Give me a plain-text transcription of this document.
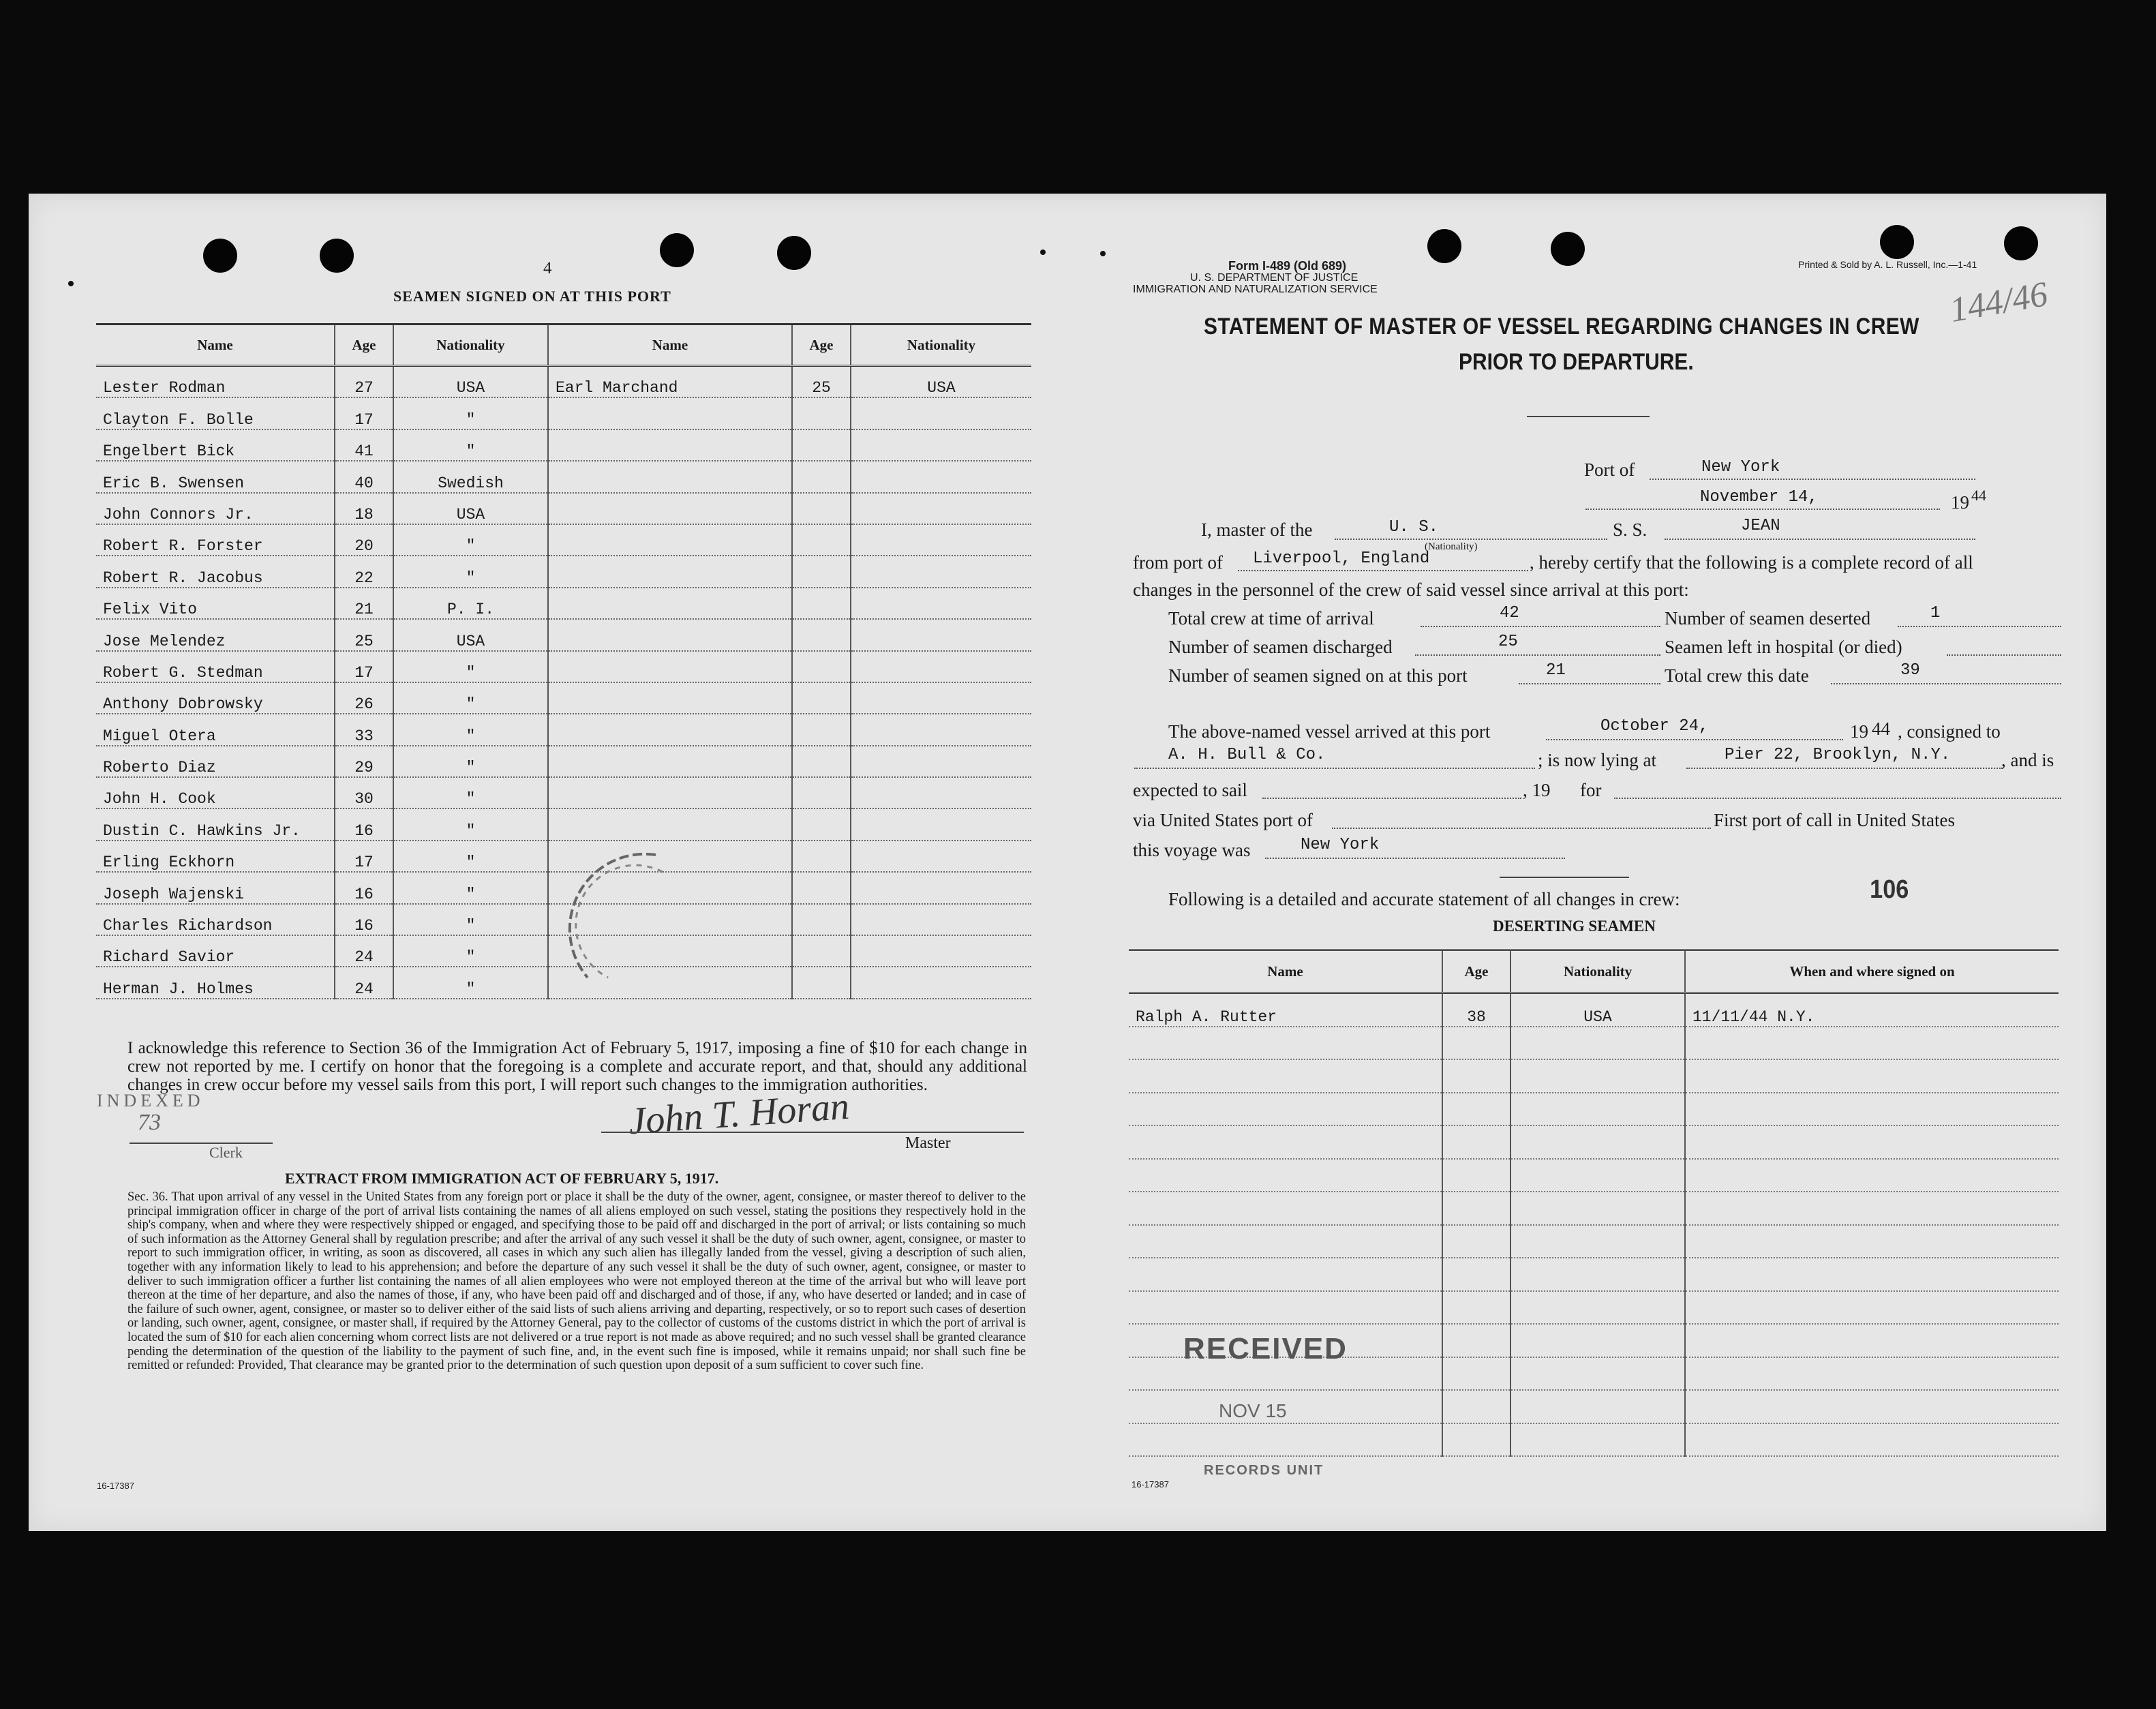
4
SEAMEN SIGNED ON AT THIS PORT
Name	Age	Nationality	Name	Age	Nationality
Lester Rodman	27	USA	Earl Marchand	25	USA
Clayton F. Bolle	17	"			
Engelbert Bick	41	"			
Eric B. Swensen	40	Swedish			
John Connors Jr.	18	USA			
Robert R. Forster	20	"			
Robert R. Jacobus	22	"			
Felix Vito	21	P. I.			
Jose Melendez	25	USA			
Robert G. Stedman	17	"			
Anthony Dobrowsky	26	"			
Miguel Otera	33	"			
Roberto Diaz	29	"			
John H. Cook	30	"			
Dustin C. Hawkins Jr.	16	"			
Erling Eckhorn	17	"			
Joseph Wajenski	16	"			
Charles Richardson	16	"			
Richard Savior	24	"			
Herman J. Holmes	24	"			
I acknowledge this reference to Section 36 of the Immigration Act of February 5, 1917, imposing a fine of $10 for each change in crew not reported by me. I certify on honor that the foregoing is a complete and accurate report, and that, should any additional changes in crew occur before my vessel sails from this port, I will report such changes to the immigration authorities.
INDEXED
73
Clerk
John T. Horan
Master
EXTRACT FROM IMMIGRATION ACT OF FEBRUARY 5, 1917.
Sec. 36. That upon arrival of any vessel in the United States from any foreign port or place it shall be the duty of the owner, agent, consignee, or master thereof to deliver to the principal immigration officer in charge of the port of arrival lists containing the names of all aliens employed on such vessel, stating the positions they respectively hold in the ship's company, when and where they were respectively shipped or engaged, and specifying those to be paid off and discharged in the port of arrival; or lists containing so much of such information as the Attorney General shall by regulation prescribe; and after the arrival of any such vessel it shall be the duty of such owner, agent, consignee, or master to report to such immigration officer, in writing, as soon as discovered, all cases in which any such alien has illegally landed from the vessel, giving a description of such alien, together with any information likely to lead to his apprehension; and before the departure of any such vessel it shall be the duty of such owner, agent, consignee, or master to deliver to such immigration officer a further list containing the names of all alien employees who were not employed thereon at the time of the arrival but who will leave port thereon at the time of her departure, and also the names of those, if any, who have been paid off and discharged and of those, if any, who have deserted or landed; and in case of the failure of such owner, agent, consignee, or master so to deliver either of the said lists of such aliens arriving and departing, respectively, or so to report such cases of desertion or landing, such owner, agent, consignee, or master shall, if required by the Attorney General, pay to the collector of customs of the customs district in which the port of arrival is located the sum of $10 for each alien concerning whom correct lists are not delivered or a true report is not made as above required; and no such vessel shall be granted clearance pending the determination of the question of the liability to the payment of such fine, and, in the event such fine is imposed, while it remains unpaid; nor shall such fine be remitted or refunded: Provided, That clearance may be granted prior to the determination of such question upon deposit of a sum sufficient to cover such fine.
16-17387
Form I-489 (Old 689)
U. S. DEPARTMENT OF JUSTICE
IMMIGRATION AND NATURALIZATION SERVICE
Printed & Sold by A. L. Russell, Inc.—1-41
144/46
STATEMENT OF MASTER OF VESSEL REGARDING CHANGES IN CREW
PRIOR TO DEPARTURE.
Port of	New York
November 14,	19 44
I, master of the	U. S.	S. S.	JEAN
from port of Liverpool, England
(Nationality)
, hereby certify that the following is a complete record of all
changes in the personnel of the crew of said vessel since arrival at this port:
Total crew at time of arrival	42	Number of seamen deserted	1
Number of seamen discharged	25	Seamen left in hospital (or died)
Number of seamen signed on at this port	21	Total crew this date	39
The above-named vessel arrived at this port	October 24,	19 44 , consigned to
A. H. Bull & Co.	; is now lying at	Pier 22, Brooklyn, N.Y.	, and is
expected to sail	, 19 for
via United States port of	First port of call in United States
this voyage was	New York
Following is a detailed and accurate statement of all changes in crew:	106
DESERTING SEAMEN
Name	Age	Nationality	When and where signed on
Ralph A. Rutter	38	USA	11/11/44 N.Y.

RECEIVED
NOV 15
RECORDS UNIT
16-17387
